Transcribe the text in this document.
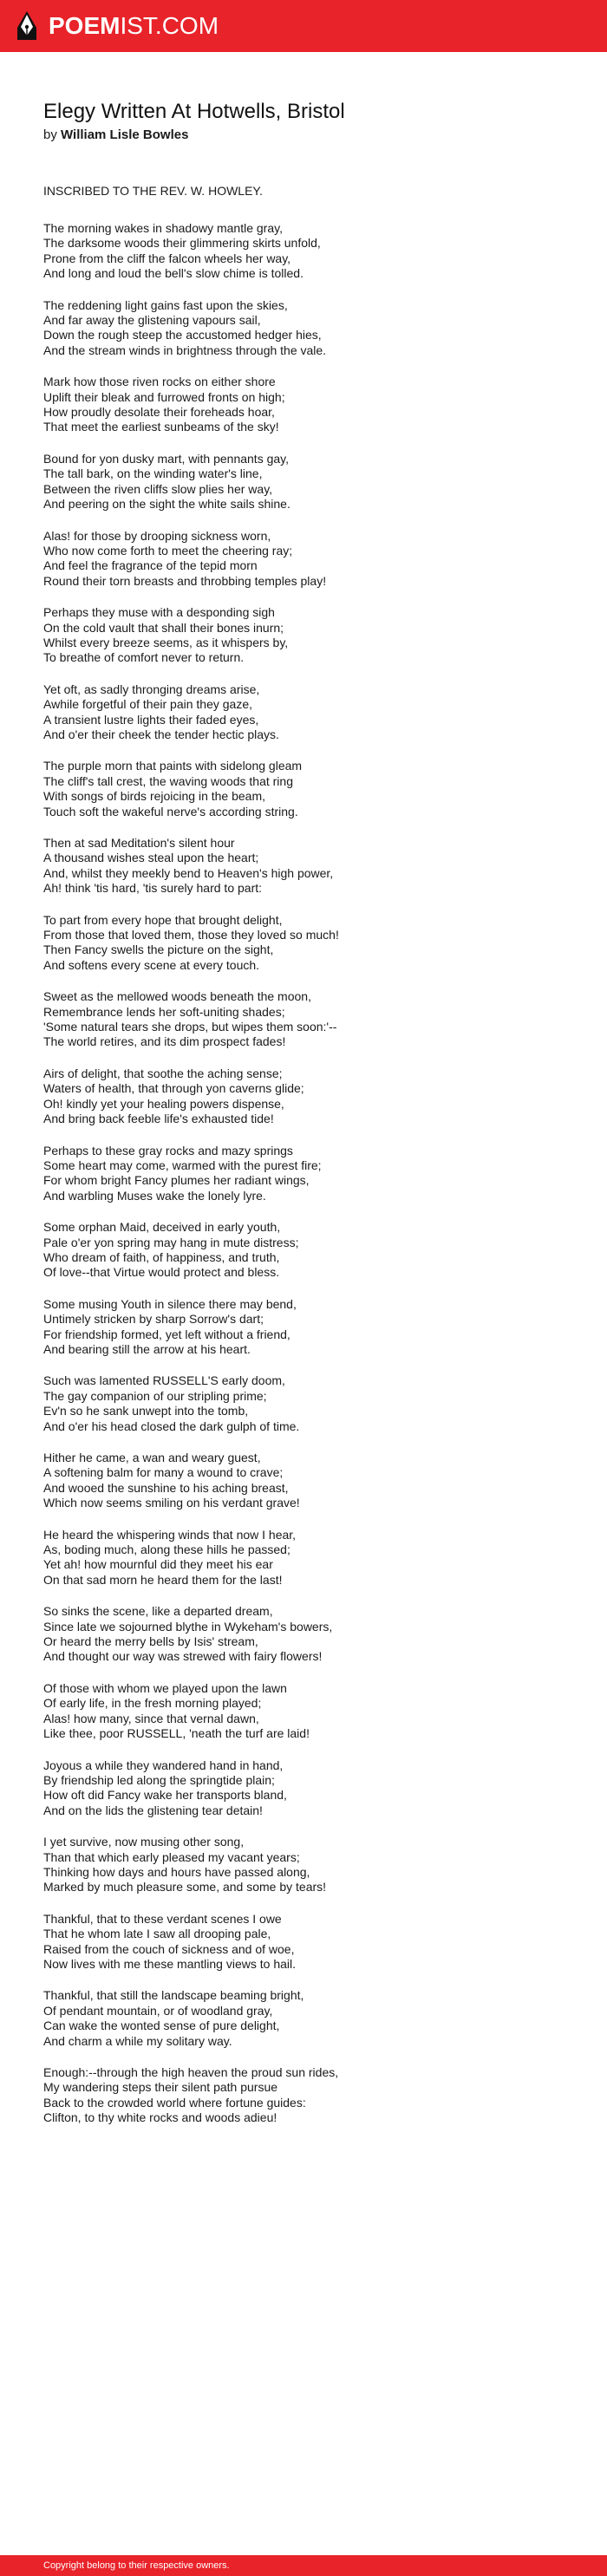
POEMIST.COM
Elegy Written At Hotwells, Bristol
by William Lisle Bowles
INSCRIBED TO THE REV. W. HOWLEY.
The morning wakes in shadowy mantle gray,
The darksome woods their glimmering skirts unfold,
Prone from the cliff the falcon wheels her way,
And long and loud the bell's slow chime is tolled.
The reddening light gains fast upon the skies,
And far away the glistening vapours sail,
Down the rough steep the accustomed hedger hies,
And the stream winds in brightness through the vale.
Mark how those riven rocks on either shore
Uplift their bleak and furrowed fronts on high;
How proudly desolate their foreheads hoar,
That meet the earliest sunbeams of the sky!
Bound for yon dusky mart, with pennants gay,
The tall bark, on the winding water's line,
Between the riven cliffs slow plies her way,
And peering on the sight the white sails shine.
Alas! for those by drooping sickness worn,
Who now come forth to meet the cheering ray;
And feel the fragrance of the tepid morn
Round their torn breasts and throbbing temples play!
Perhaps they muse with a desponding sigh
On the cold vault that shall their bones inurn;
Whilst every breeze seems, as it whispers by,
To breathe of comfort never to return.
Yet oft, as sadly thronging dreams arise,
Awhile forgetful of their pain they gaze,
A transient lustre lights their faded eyes,
And o'er their cheek the tender hectic plays.
The purple morn that paints with sidelong gleam
The cliff's tall crest, the waving woods that ring
With songs of birds rejoicing in the beam,
Touch soft the wakeful nerve's according string.
Then at sad Meditation's silent hour
A thousand wishes steal upon the heart;
And, whilst they meekly bend to Heaven's high power,
Ah! think 'tis hard, 'tis surely hard to part:
To part from every hope that brought delight,
From those that loved them, those they loved so much!
Then Fancy swells the picture on the sight,
And softens every scene at every touch.
Sweet as the mellowed woods beneath the moon,
Remembrance lends her soft-uniting shades;
'Some natural tears she drops, but wipes them soon:'--
The world retires, and its dim prospect fades!
Airs of delight, that soothe the aching sense;
Waters of health, that through yon caverns glide;
Oh! kindly yet your healing powers dispense,
And bring back feeble life's exhausted tide!
Perhaps to these gray rocks and mazy springs
Some heart may come, warmed with the purest fire;
For whom bright Fancy plumes her radiant wings,
And warbling Muses wake the lonely lyre.
Some orphan Maid, deceived in early youth,
Pale o'er yon spring may hang in mute distress;
Who dream of faith, of happiness, and truth,
Of love--that Virtue would protect and bless.
Some musing Youth in silence there may bend,
Untimely stricken by sharp Sorrow's dart;
For friendship formed, yet left without a friend,
And bearing still the arrow at his heart.
Such was lamented RUSSELL'S early doom,
The gay companion of our stripling prime;
Ev'n so he sank unwept into the tomb,
And o'er his head closed the dark gulph of time.
Hither he came, a wan and weary guest,
A softening balm for many a wound to crave;
And wooed the sunshine to his aching breast,
Which now seems smiling on his verdant grave!
He heard the whispering winds that now I hear,
As, boding much, along these hills he passed;
Yet ah! how mournful did they meet his ear
On that sad morn he heard them for the last!
So sinks the scene, like a departed dream,
Since late we sojourned blythe in Wykeham's bowers,
Or heard the merry bells by Isis' stream,
And thought our way was strewed with fairy flowers!
Of those with whom we played upon the lawn
Of early life, in the fresh morning played;
Alas! how many, since that vernal dawn,
Like thee, poor RUSSELL, 'neath the turf are laid!
Joyous a while they wandered hand in hand,
By friendship led along the springtide plain;
How oft did Fancy wake her transports bland,
And on the lids the glistening tear detain!
I yet survive, now musing other song,
Than that which early pleased my vacant years;
Thinking how days and hours have passed along,
Marked by much pleasure some, and some by tears!
Thankful, that to these verdant scenes I owe
That he whom late I saw all drooping pale,
Raised from the couch of sickness and of woe,
Now lives with me these mantling views to hail.
Thankful, that still the landscape beaming bright,
Of pendant mountain, or of woodland gray,
Can wake the wonted sense of pure delight,
And charm a while my solitary way.
Enough:--through the high heaven the proud sun rides,
My wandering steps their silent path pursue
Back to the crowded world where fortune guides:
Clifton, to thy white rocks and woods adieu!
Copyright belong to their respective owners.
